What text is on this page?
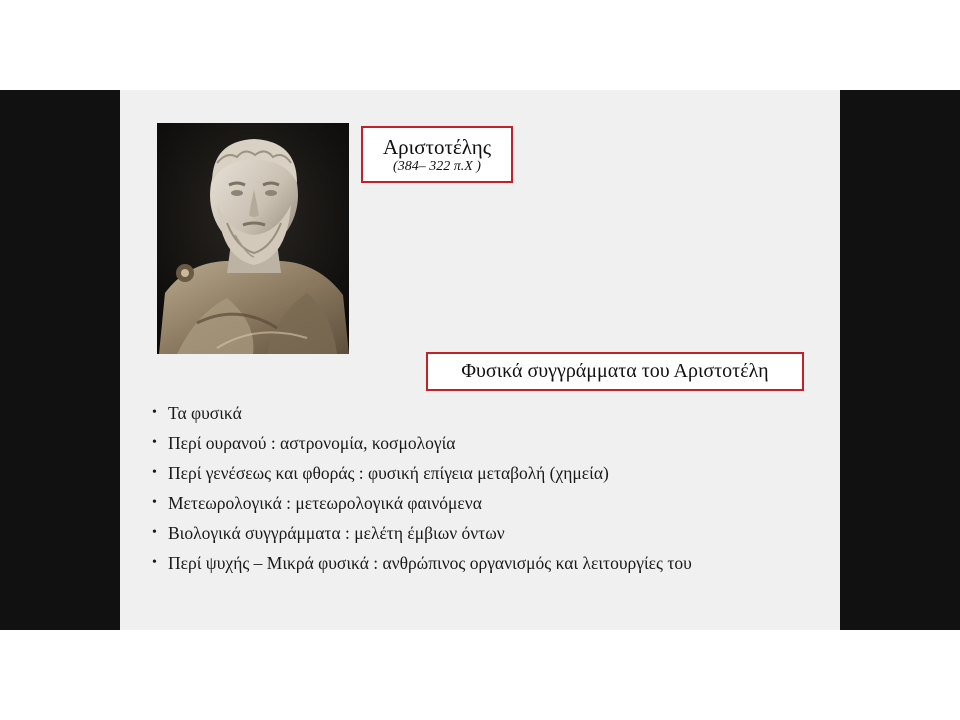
Αριστοτέλης
(384– 322 π.Χ )
Φυσικά συγγράμματα του Αριστοτέλη
• Τα φυσικά
• Περί ουρανού : αστρονομία, κοσμολογία
• Περί γενέσεως και φθοράς : φυσική επίγεια μεταβολή (χημεία)
• Μετεωρολογικά : μετεωρολογικά φαινόμενα
• Βιολογικά συγγράμματα : μελέτη έμβιων όντων
• Περί ψυχής – Μικρά φυσικά : ανθρώπινος οργανισμός και λειτουργίες του
